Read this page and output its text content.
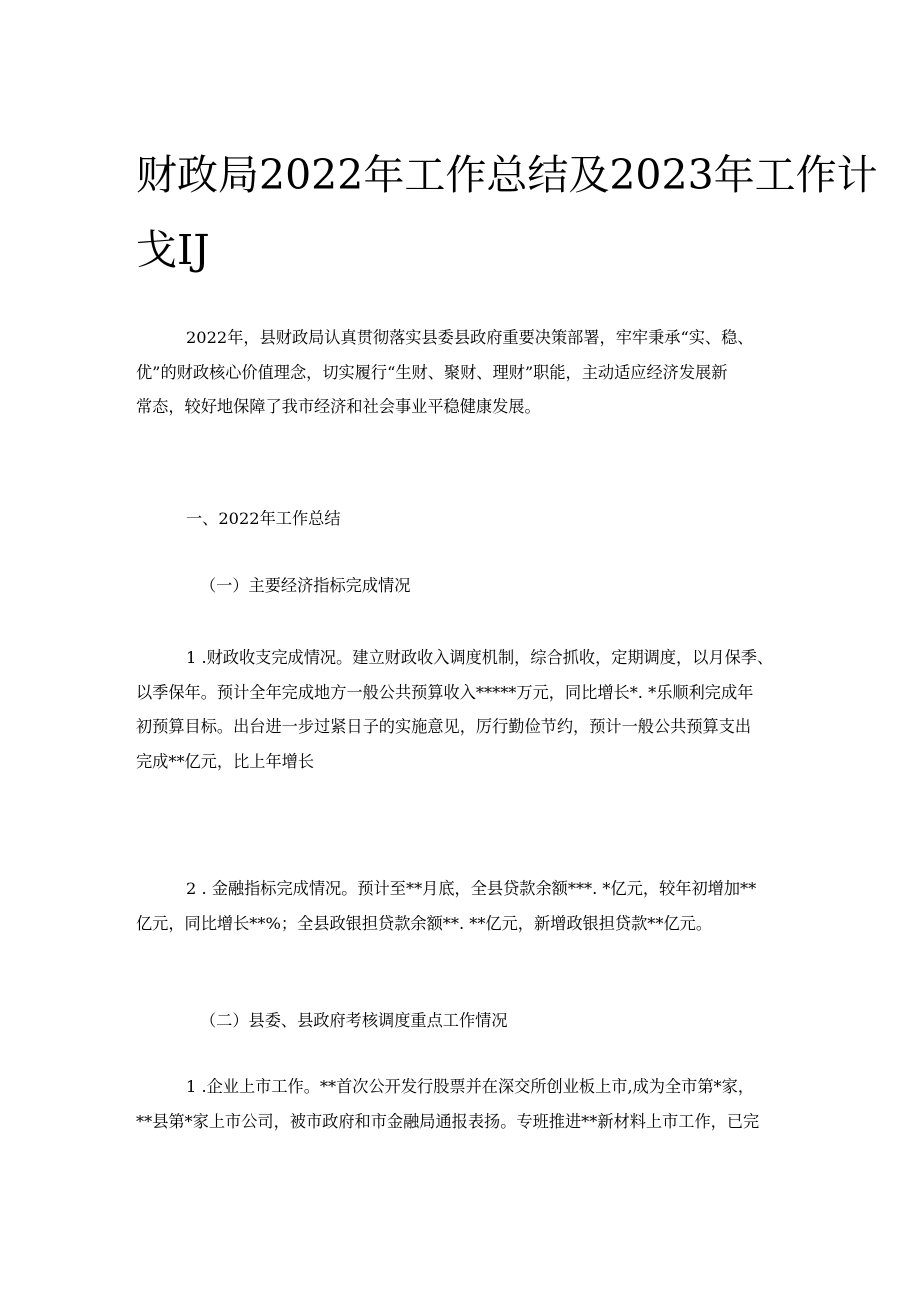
财政局2022年工作总结及2023年工作计
戈IJ
2022年，县财政局认真贯彻落实县委县政府重要决策部署，牢牢秉承“实、稳、
优”的财政核心价值理念，切实履行“生财、聚财、理财”职能，主动适应经济发展新
常态，较好地保障了我市经济和社会事业平稳健康发展。
一、2022年工作总结
（一）主要经济指标完成情况
1 .财政收支完成情况。建立财政收入调度机制，综合抓收，定期调度，以月保季、
以季保年。预计全年完成地方一般公共预算收入*****万元，同比增长*. *乐顺利完成年
初预算目标。出台进一步过紧日子的实施意见，厉行勤俭节约，预计一般公共预算支出
完成**亿元，比上年增长
2 . 金融指标完成情况。预计至**月底，全县贷款余额***. *亿元，较年初增加**
亿元，同比增长**%；全县政银担贷款余额**. **亿元，新增政银担贷款**亿元。
（二）县委、县政府考核调度重点工作情况
1 .企业上市工作。**首次公开发行股票并在深交所创业板上市,成为全市第*家，
**县第*家上市公司，被市政府和市金融局通报表扬。专班推进**新材料上市工作，已完
